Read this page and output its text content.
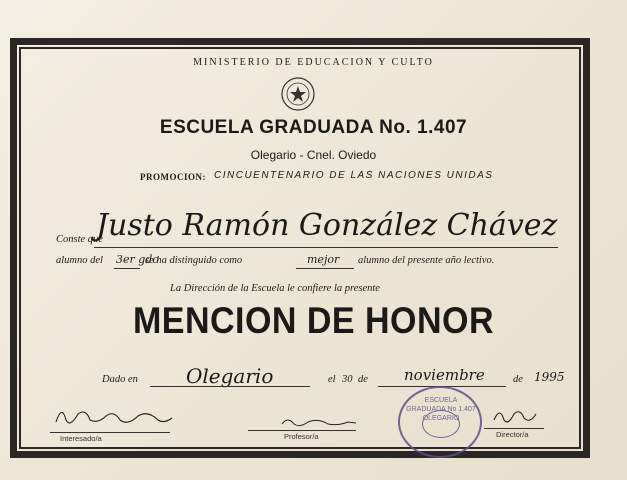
MINISTERIO DE EDUCACION Y CULTO
ESCUELA GRADUADA No. 1.407
Olegario - Cnel. Oviedo
PROMOCION: CINCUENTENARIO DE LAS NACIONES UNIDAS
Conste que
Justo Ramón González Chávez
alumno del 3er gdo
se ha distinguido como	mejor alumno del presente año lectivo.
La Dirección de la Escuela le confiere la presente
MENCION DE HONOR
Dado en Olegario	el 30 de noviembre	de 1995
Interesado/a	Profesor/a	Director/a
ESCUELA GRADUADA No 1.407 OLEGARIO
